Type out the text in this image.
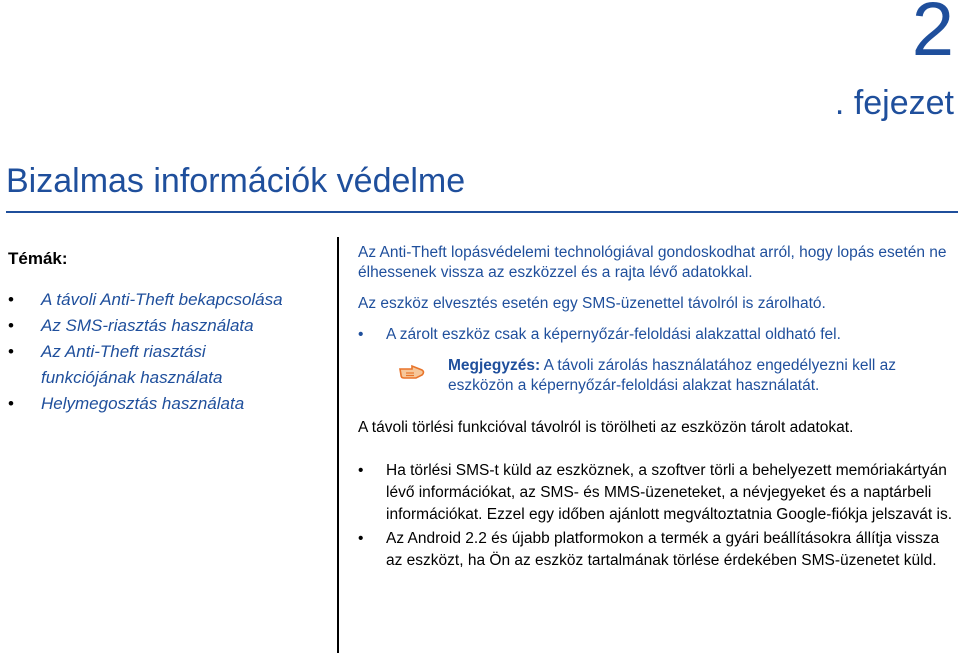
2
. fejezet
Bizalmas információk védelme
Témák:
• A távoli Anti-Theft bekapcsolása
• Az SMS-riasztás használata
• Az Anti-Theft riasztási
funkciójának használata
• Helymegosztás használata

Az Anti-Theft lopásvédelemi technológiával gondoskodhat arról, hogy lopás esetén ne élhessenek vissza az eszközzel és a rajta lévő adatokkal.

Az eszköz elvesztés esetén egy SMS-üzenettel távolról is zárolható.

• A zárolt eszköz csak a képernyőzár-feloldási alakzattal oldható fel.

Megjegyzés: A távoli zárolás használatához engedélyezni kell az eszközön a képernyőzár-feloldási alakzat használatát.

A távoli törlési funkcióval távolról is törölheti az eszközön tárolt adatokat.

• Ha törlési SMS-t küld az eszköznek, a szoftver törli a behelyezett memóriakártyán lévő információkat, az SMS- és MMS-üzeneteket, a névjegyeket és a naptárbeli információkat. Ezzel egy időben ajánlott megváltoztatnia Google-fiókja jelszavát is.

• Az Android 2.2 és újabb platformokon a termék a gyári beállításokra állítja vissza az eszközt, ha Ön az eszköz tartalmának törlése érdekében SMS-üzenetet küld.
